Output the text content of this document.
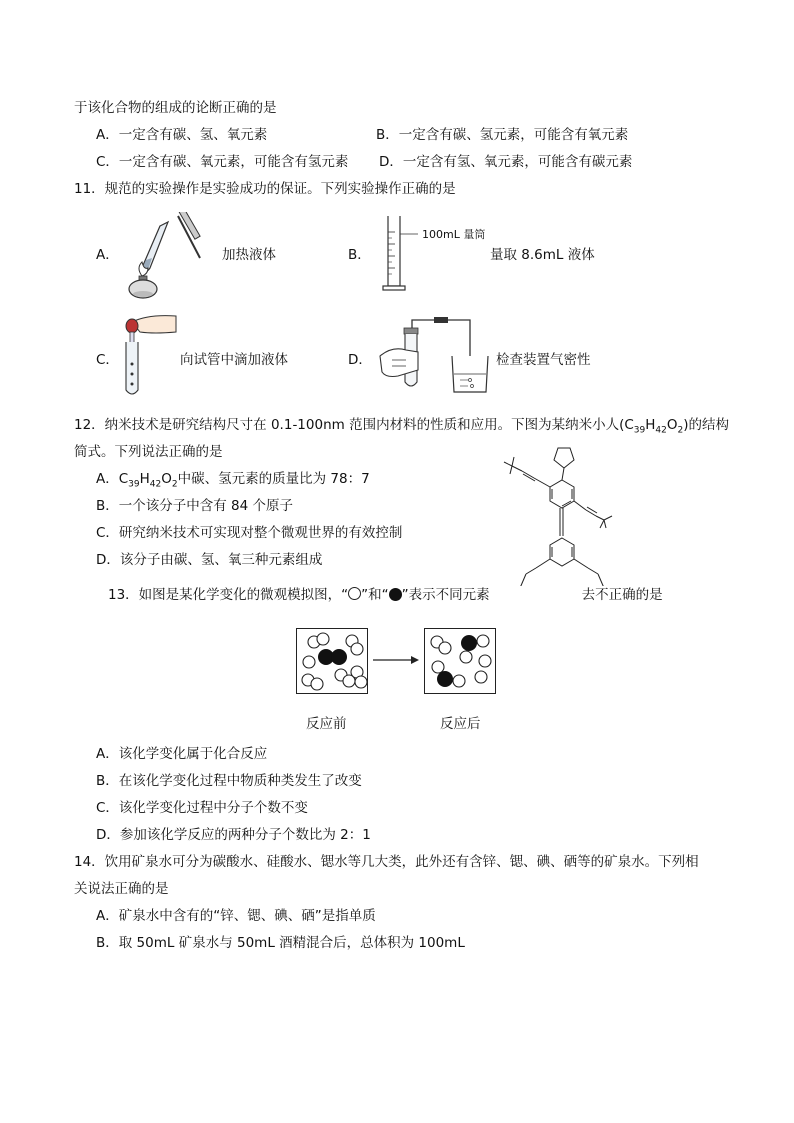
于该化合物的组成的论断正确的是
A．一定含有碳、氢、氧元素	B．一定含有碳、氢元素，可能含有氧元素
C．一定含有碳、氧元素，可能含有氢元素 D．一定含有氢、氧元素，可能含有碳元素
11．规范的实验操作是实验成功的保证。下列实验操作正确的是
A．	加热液体	B．
100mL 量筒
量取 8.6mL 液体
C．	向试管中滴加液体	D．	检查装置气密性
12．纳米技术是研究结构尺寸在 0.1-100nm 范围内材料的性质和应用。下图为某纳米小人$(C_{39}H_{42}O_2)$的结构
简式。下列说法正确的是
A．$C_{39}H_{42}O_2$中碳、氢元素的质量比为 78：7
B．一个该分子中含有 84 个原子
C．研究纳米技术可实现对整个微观世界的有效控制
D．该分子由碳、氢、氧三种元素组成
13．如图是某化学变化的微观模拟图，“ ”和“ ”表示不同元素	去不正确的是
反应前	反应后
A．该化学变化属于化合反应
B．在该化学变化过程中物质种类发生了改变
C．该化学变化过程中分子个数不变
D．参加该化学反应的两种分子个数比为 2：1
14．饮用矿泉水可分为碳酸水、硅酸水、锶水等几大类，此外还有含锌、锶、碘、硒等的矿泉水。下列相
关说法正确的是
A．矿泉水中含有的“锌、锶、碘、硒”是指单质
B．取 50mL 矿泉水与 50mL 酒精混合后，总体积为 100mL
